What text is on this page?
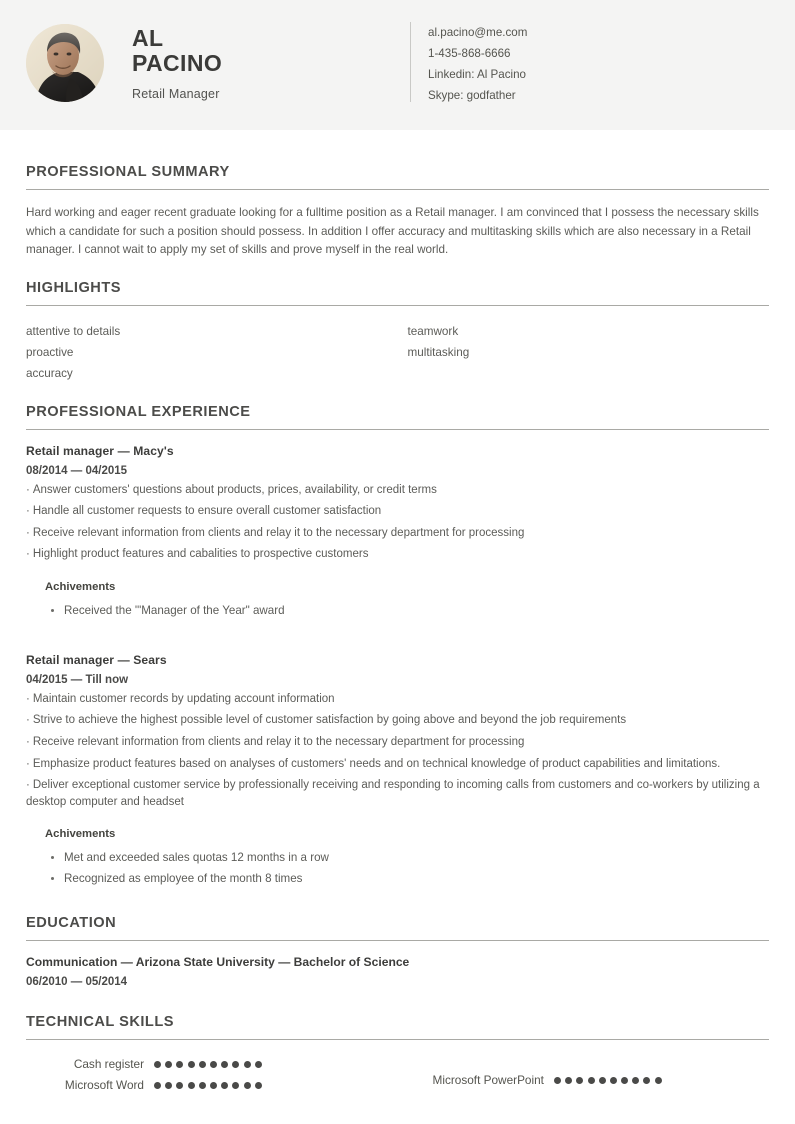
AL
PACINO
Retail Manager
al.pacino@me.com
1-435-868-6666
Linkedin: Al Pacino
Skype: godfather
PROFESSIONAL SUMMARY
Hard working and eager recent graduate looking for a fulltime position as a Retail manager. I am convinced that I possess the necessary skills which a candidate for such a position should possess. In addition I offer accuracy and multitasking skills which are also necessary in a Retail manager. I cannot wait to apply my set of skills and prove myself in the real world.
HIGHLIGHTS
attentive to details
proactive
accuracy
teamwork
multitasking
PROFESSIONAL EXPERIENCE
Retail manager — Macy's
08/2014 — 04/2015
· Answer customers' questions about products, prices, availability, or credit terms
· Handle all customer requests to ensure overall customer satisfaction
· Receive relevant information from clients and relay it to the necessary department for processing
· Highlight product features and cabalities to prospective customers
Achivements
Received the '"Manager of the Year" award
Retail manager — Sears
04/2015 — Till now
· Maintain customer records by updating account information
· Strive to achieve the highest possible level of customer satisfaction by going above and beyond the job requirements
· Receive relevant information from clients and relay it to the necessary department for processing
· Emphasize product features based on analyses of customers' needs and on technical knowledge of product capabilities and limitations.
· Deliver exceptional customer service by professionally receiving and responding to incoming calls from customers and co-workers by utilizing a desktop computer and headset
Achivements
Met and exceeded sales quotas 12 months in a row
Recognized as employee of the month 8 times
EDUCATION
Communication — Arizona State University — Bachelor of Science
06/2010 — 05/2014
TECHNICAL SKILLS
Cash register
Microsoft Word	Microsoft PowerPoint
